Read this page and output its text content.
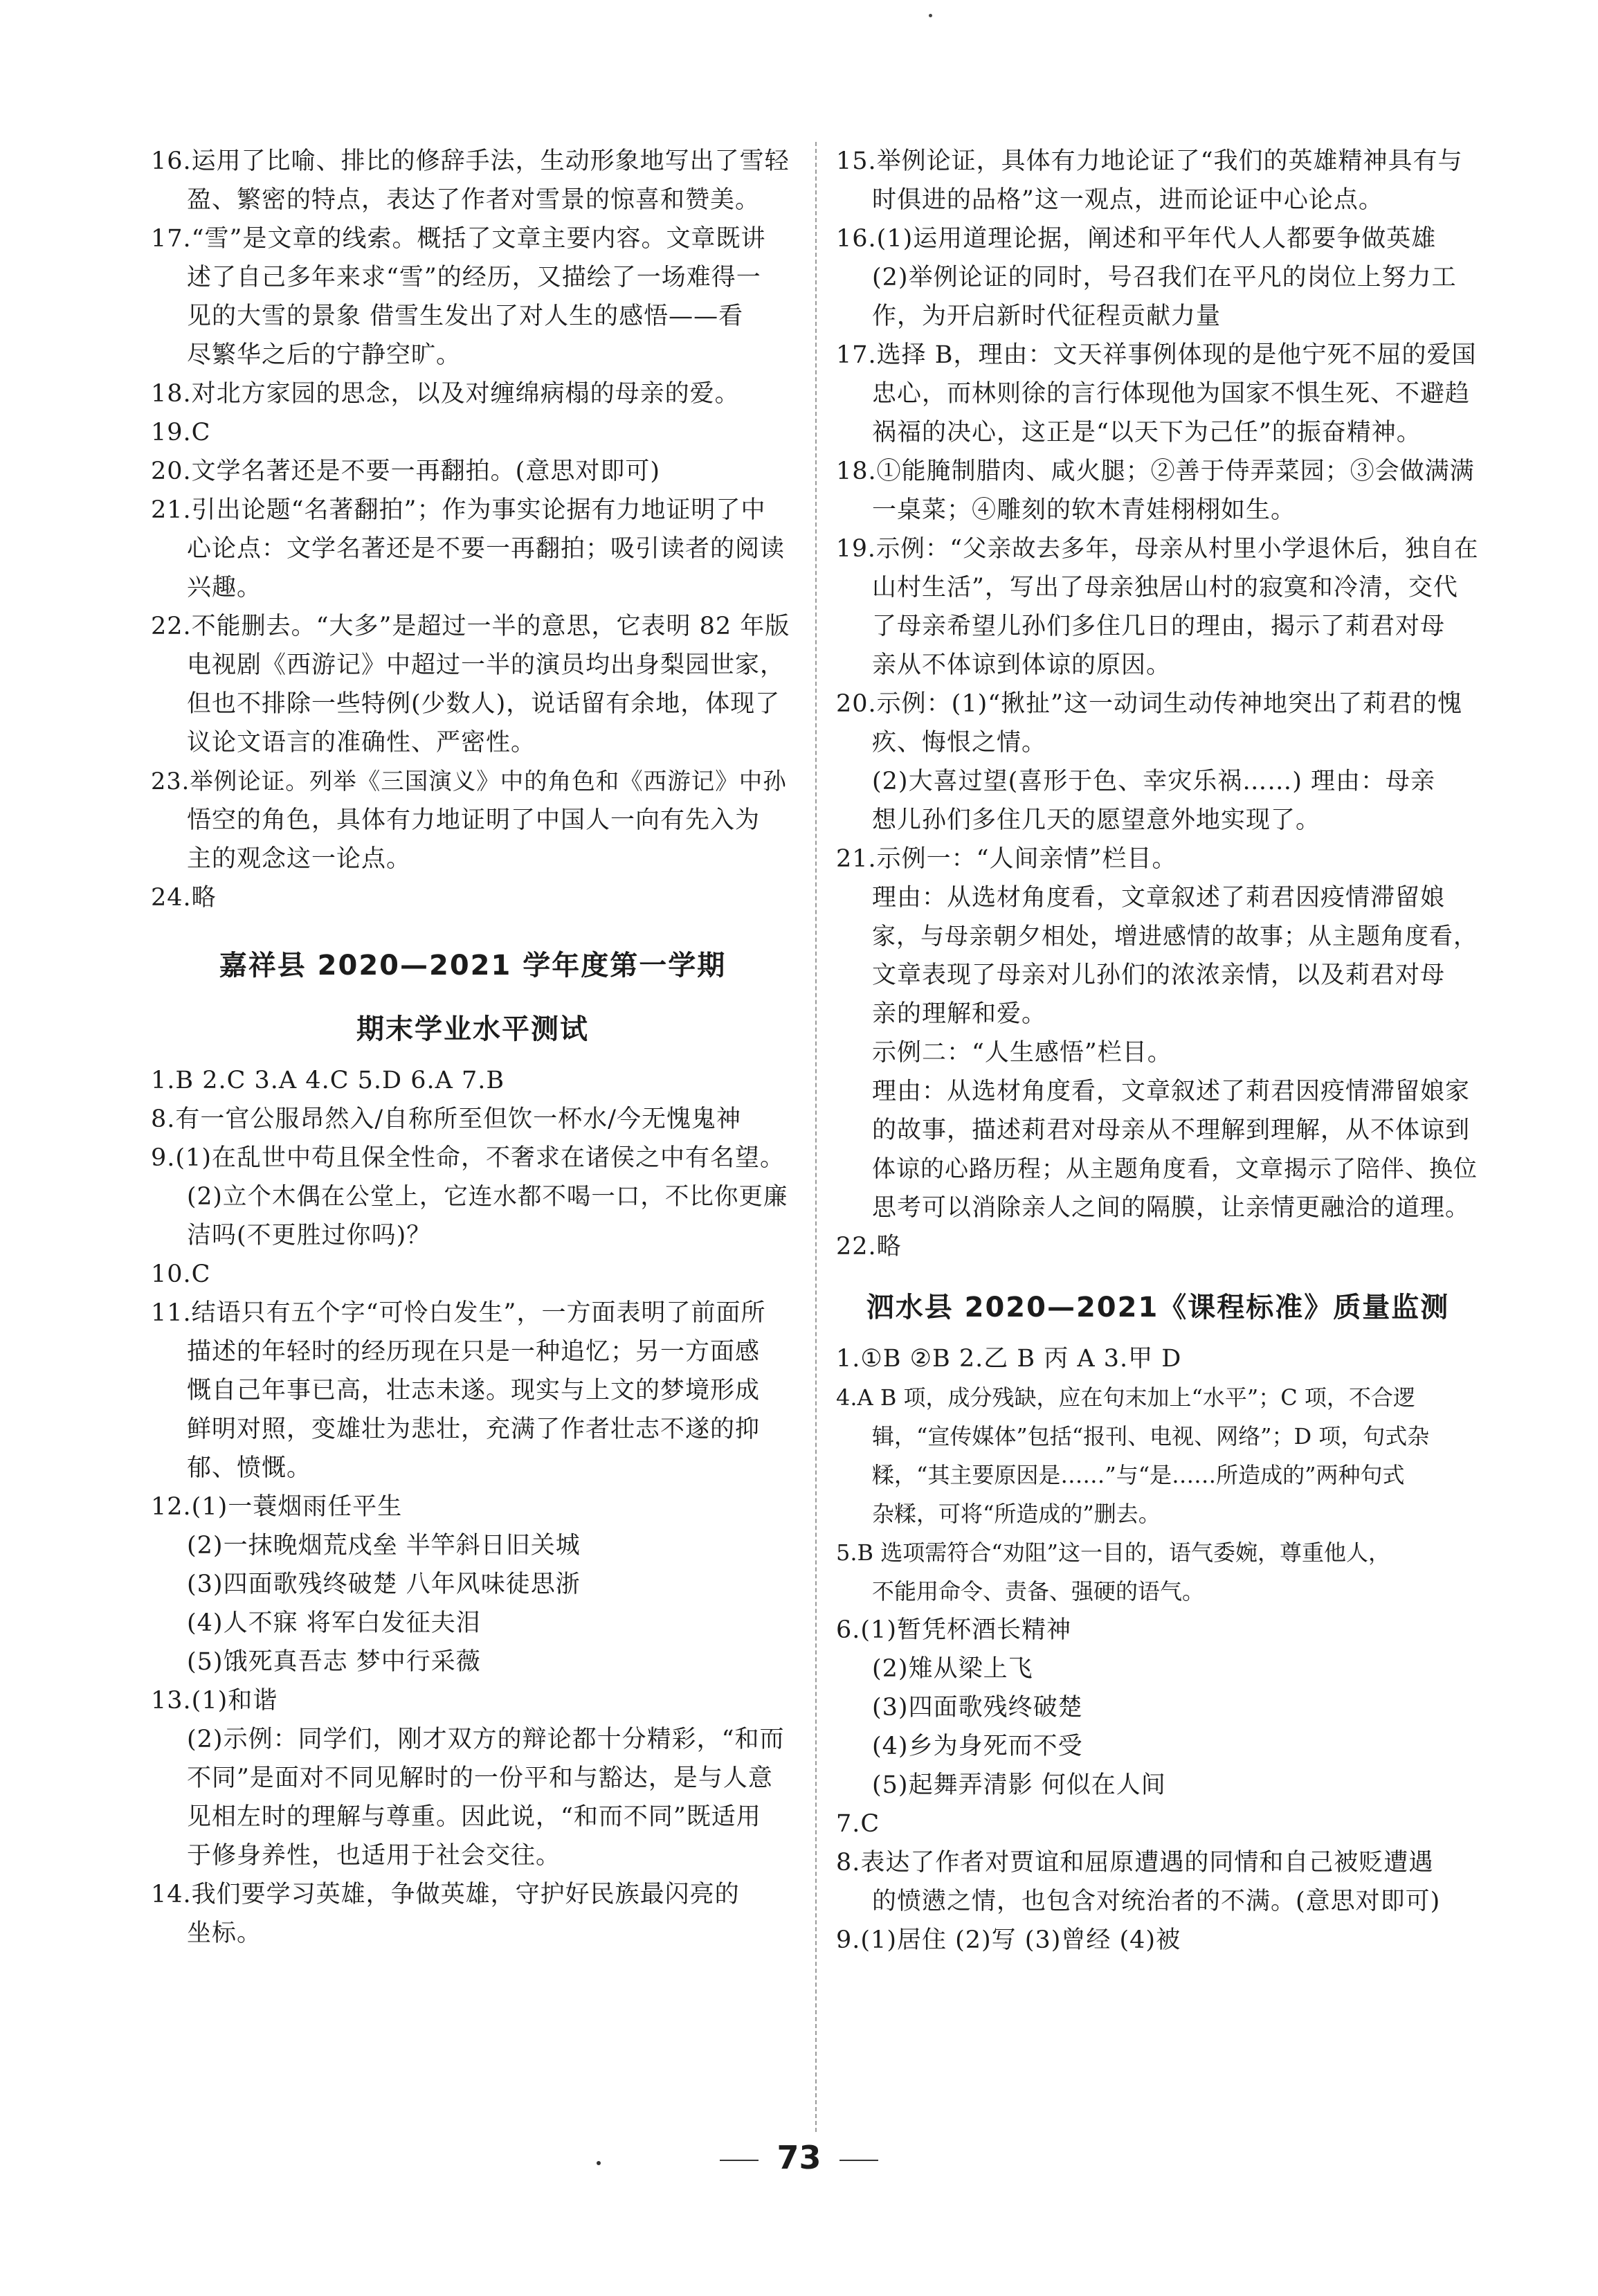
16.运用了比喻、排比的修辞手法，生动形象地写出了雪轻
盈、繁密的特点，表达了作者对雪景的惊喜和赞美。
17.“雪”是文章的线索。概括了文章主要内容。文章既讲
述了自己多年来求“雪”的经历，又描绘了一场难得一
见的大雪的景象 借雪生发出了对人生的感悟——看
尽繁华之后的宁静空旷。
18.对北方家园的思念，以及对缠绵病榻的母亲的爱。
19.C
20.文学名著还是不要一再翻拍。(意思对即可)
21.引出论题“名著翻拍”；作为事实论据有力地证明了中
心论点：文学名著还是不要一再翻拍；吸引读者的阅读
兴趣。
22.不能删去。“大多”是超过一半的意思，它表明 82 年版
电视剧《西游记》中超过一半的演员均出身梨园世家，
但也不排除一些特例(少数人)，说话留有余地，体现了
议论文语言的准确性、严密性。
23.举例论证。列举《三国演义》中的角色和《西游记》中孙
悟空的角色，具体有力地证明了中国人一向有先入为
主的观念这一论点。
24.略
嘉祥县 2020—2021 学年度第一学期
期末学业水平测试
1.B 2.C 3.A 4.C 5.D 6.A 7.B
8.有一官公服昂然入/自称所至但饮一杯水/今无愧鬼神
9.(1)在乱世中苟且保全性命，不奢求在诸侯之中有名望。
(2)立个木偶在公堂上，它连水都不喝一口，不比你更廉
洁吗(不更胜过你吗)？
10.C
11.结语只有五个字“可怜白发生”，一方面表明了前面所
描述的年轻时的经历现在只是一种追忆；另一方面感
慨自己年事已高，壮志未遂。现实与上文的梦境形成
鲜明对照，变雄壮为悲壮，充满了作者壮志不遂的抑
郁、愤慨。
12.(1)一蓑烟雨任平生
(2)一抹晚烟荒戍垒 半竿斜日旧关城
(3)四面歌残终破楚 八年风味徒思浙
(4)人不寐 将军白发征夫泪
(5)饿死真吾志 梦中行采薇
13.(1)和谐
(2)示例：同学们，刚才双方的辩论都十分精彩，“和而
不同”是面对不同见解时的一份平和与豁达，是与人意
见相左时的理解与尊重。因此说，“和而不同”既适用
于修身养性，也适用于社会交往。
14.我们要学习英雄，争做英雄，守护好民族最闪亮的
坐标。
15.举例论证，具体有力地论证了“我们的英雄精神具有与
时俱进的品格”这一观点，进而论证中心论点。
16.(1)运用道理论据，阐述和平年代人人都要争做英雄
(2)举例论证的同时，号召我们在平凡的岗位上努力工
作，为开启新时代征程贡献力量
17.选择 B，理由：文天祥事例体现的是他宁死不屈的爱国
忠心，而林则徐的言行体现他为国家不惧生死、不避趋
祸福的决心，这正是“以天下为己任”的振奋精神。
18.①能腌制腊肉、咸火腿；②善于侍弄菜园；③会做满满
一桌菜；④雕刻的软木青娃栩栩如生。
19.示例：“父亲故去多年，母亲从村里小学退休后，独自在
山村生活”，写出了母亲独居山村的寂寞和冷清，交代
了母亲希望儿孙们多住几日的理由，揭示了莉君对母
亲从不体谅到体谅的原因。
20.示例：(1)“揪扯”这一动词生动传神地突出了莉君的愧
疚、悔恨之情。
(2)大喜过望(喜形于色、幸灾乐祸……) 理由：母亲
想儿孙们多住几天的愿望意外地实现了。
21.示例一：“人间亲情”栏目。
理由：从选材角度看，文章叙述了莉君因疫情滞留娘
家，与母亲朝夕相处，增进感情的故事；从主题角度看，
文章表现了母亲对儿孙们的浓浓亲情，以及莉君对母
亲的理解和爱。
示例二：“人生感悟”栏目。
理由：从选材角度看，文章叙述了莉君因疫情滞留娘家
的故事，描述莉君对母亲从不理解到理解，从不体谅到
体谅的心路历程；从主题角度看，文章揭示了陪伴、换位
思考可以消除亲人之间的隔膜，让亲情更融洽的道理。
22.略
泗水县 2020—2021《课程标准》质量监测
1.①B ②B 2.乙 B 丙 A 3.甲 D
4.A B 项，成分残缺，应在句末加上“水平”；C 项，不合逻
辑，“宣传媒体”包括“报刊、电视、网络”；D 项，句式杂
糅，“其主要原因是……”与“是……所造成的”两种句式
杂糅，可将“所造成的”删去。
5.B 选项需符合“劝阻”这一目的，语气委婉，尊重他人，
不能用命令、责备、强硬的语气。
6.(1)暂凭杯酒长精神
(2)雉从梁上飞
(3)四面歌残终破楚
(4)乡为身死而不受
(5)起舞弄清影 何似在人间
7.C
8.表达了作者对贾谊和屈原遭遇的同情和自己被贬遭遇
的愤懑之情，也包含对统治者的不满。(意思对即可)
9.(1)居住 (2)写 (3)曾经 (4)被
73
